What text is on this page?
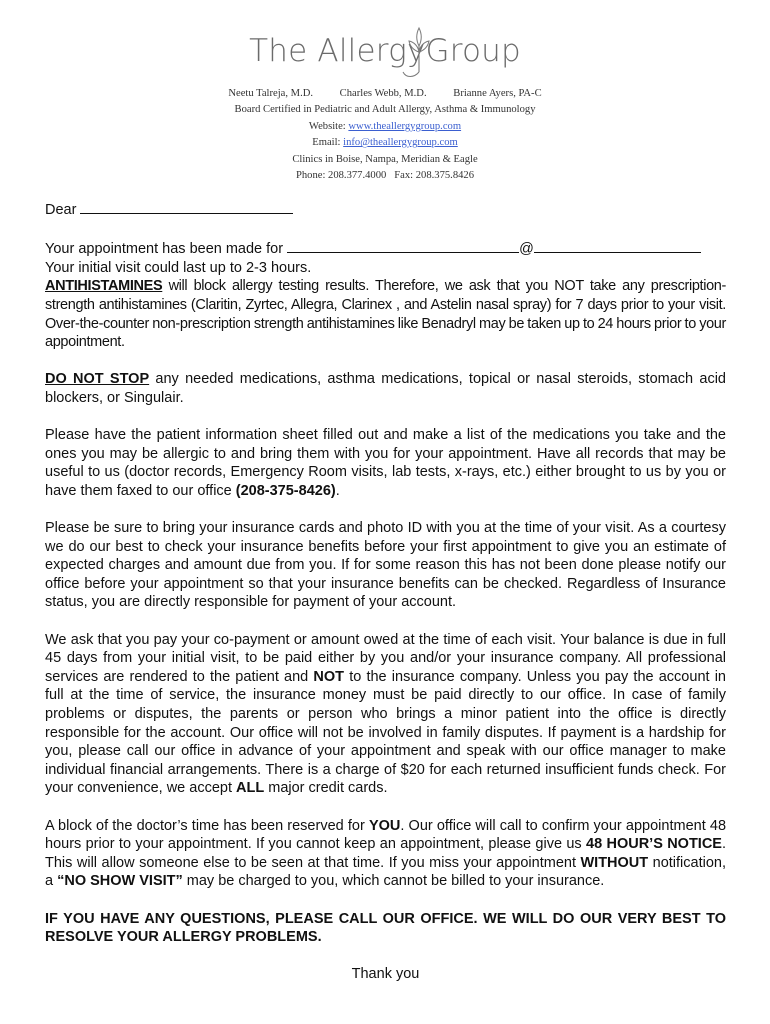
The AllergyGroup
Neetu Talreja, M.D.	Charles Webb, M.D.	Brianne Ayers, PA-C
Board Certified in Pediatric and Adult Allergy, Asthma & Immunology
Website: www.theallergygroup.com
Email: info@theallergygroup.com
Clinics in Boise, Nampa, Meridian & Eagle
Phone: 208.377.4000 Fax: 208.375.8426

Dear

Your appointment has been made for	@

Your initial visit could last up to 2-3 hours.

ANTIHISTAMINES will block allergy testing results. Therefore, we ask that you NOT take any prescription-strength antihistamines (Claritin, Zyrtec, Allegra, Clarinex , and Astelin nasal spray) for 7 days prior to your visit. Over-the-counter non-prescription strength antihistamines like Benadryl may be taken up to 24 hours prior to your appointment.

DO NOT STOP any needed medications, asthma medications, topical or nasal steroids, stomach acid blockers, or Singulair.

Please have the patient information sheet filled out and make a list of the medications you take and the ones you may be allergic to and bring them with you for your appointment. Have all records that may be useful to us (doctor records, Emergency Room visits, lab tests, x-rays, etc.) either brought to us by you or have them faxed to our office (208-375-8426).

Please be sure to bring your insurance cards and photo ID with you at the time of your visit. As a courtesy we do our best to check your insurance benefits before your first appointment to give you an estimate of expected charges and amount due from you. If for some reason this has not been done please notify our office before your appointment so that your insurance benefits can be checked. Regardless of Insurance status, you are directly responsible for payment of your account.

We ask that you pay your co-payment or amount owed at the time of each visit. Your balance is due in full 45 days from your initial visit, to be paid either by you and/or your insurance company. All professional services are rendered to the patient and NOT to the insurance company. Unless you pay the account in full at the time of service, the insurance money must be paid directly to our office. In case of family problems or disputes, the parents or person who brings a minor patient into the office is directly responsible for the account. Our office will not be involved in family disputes. If payment is a hardship for you, please call our office in advance of your appointment and speak with our office manager to make individual financial arrangements. There is a charge of $20 for each returned insufficient funds check. For your convenience, we accept ALL major credit cards.

A block of the doctor’s time has been reserved for YOU. Our office will call to confirm your appointment 48 hours prior to your appointment. If you cannot keep an appointment, please give us 48 HOUR’S NOTICE. This will allow someone else to be seen at that time. If you miss your appointment WITHOUT notification, a “NO SHOW VISIT” may be charged to you, which cannot be billed to your insurance.

IF YOU HAVE ANY QUESTIONS, PLEASE CALL OUR OFFICE. WE WILL DO OUR VERY BEST TO RESOLVE YOUR ALLERGY PROBLEMS.

Thank you
